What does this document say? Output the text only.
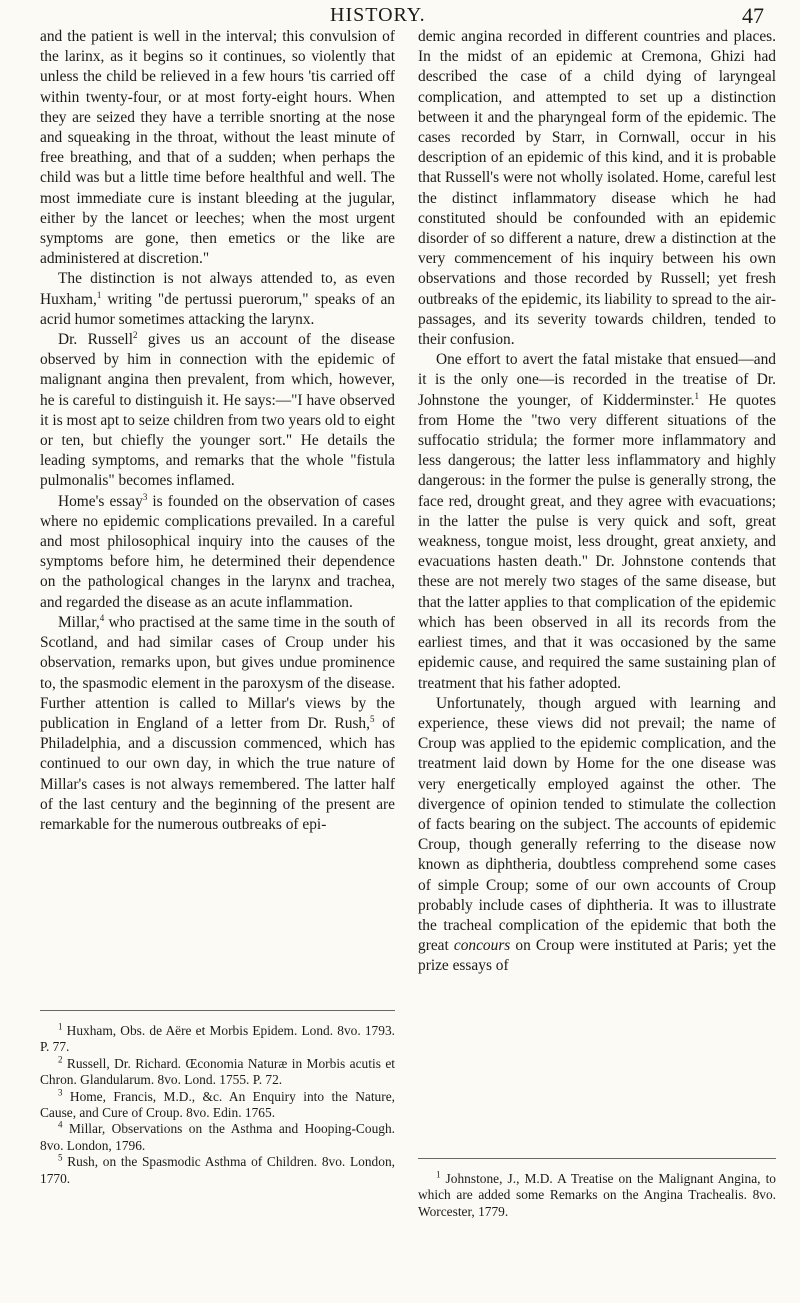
HISTORY.	47

and the patient is well in the interval; this convulsion of the larinx, as it begins so it continues, so violently that unless the child be relieved in a few hours 'tis carried off within twenty-four, or at most forty-eight hours. When they are seized they have a terrible snorting at the nose and squeaking in the throat, without the least minute of free breathing, and that of a sudden; when perhaps the child was but a little time before healthful and well. The most immediate cure is instant bleeding at the jugular, either by the lancet or leeches; when the most urgent symptoms are gone, then emetics or the like are administered at discretion."

The distinction is not always attended to, as even Huxham,$^1$ writing "de pertussi puerorum," speaks of an acrid humor sometimes attacking the larynx.

Dr. Russell$^2$ gives us an account of the disease observed by him in connection with the epidemic of malignant angina then prevalent, from which, however, he is careful to distinguish it. He says:—"I have observed it is most apt to seize children from two years old to eight or ten, but chiefly the younger sort." He details the leading symptoms, and remarks that the whole "fistula pulmonalis" becomes inflamed.

Home's essay$^3$ is founded on the observation of cases where no epidemic complications prevailed. In a careful and most philosophical inquiry into the causes of the symptoms before him, he determined their dependence on the pathological changes in the larynx and trachea, and regarded the disease as an acute inflammation.

Millar,$^4$ who practised at the same time in the south of Scotland, and had similar cases of Croup under his observation, remarks upon, but gives undue prominence to, the spasmodic element in the paroxysm of the disease. Further attention is called to Millar's views by the publication in England of a letter from Dr. Rush,$^5$ of Philadelphia, and a discussion commenced, which has continued to our own day, in which the true nature of Millar's cases is not always remembered. The latter half of the last century and the beginning of the present are remarkable for the numerous outbreaks of epi-

$^1$ Huxham, Obs. de Aëre et Morbis Epidem. Lond. 8vo. 1793. P. 77.

$^2$ Russell, Dr. Richard. Œconomia Naturæ in Morbis acutis et Chron. Glandularum. 8vo. Lond. 1755. P. 72.

$^3$ Home, Francis, M.D., &c. An Enquiry into the Nature, Cause, and Cure of Croup. 8vo. Edin. 1765.

$^4$ Millar, Observations on the Asthma and Hooping-Cough. 8vo. London, 1796.

$^5$ Rush, on the Spasmodic Asthma of Children. 8vo. London, 1770.

demic angina recorded in different countries and places. In the midst of an epidemic at Cremona, Ghizi had described the case of a child dying of laryngeal complication, and attempted to set up a distinction between it and the pharyngeal form of the epidemic. The cases recorded by Starr, in Cornwall, occur in his description of an epidemic of this kind, and it is probable that Russell's were not wholly isolated. Home, careful lest the distinct inflammatory disease which he had constituted should be confounded with an epidemic disorder of so different a nature, drew a distinction at the very commencement of his inquiry between his own observations and those recorded by Russell; yet fresh outbreaks of the epidemic, its liability to spread to the air-passages, and its severity towards children, tended to their confusion.

One effort to avert the fatal mistake that ensued—and it is the only one—is recorded in the treatise of Dr. Johnstone the younger, of Kidderminster.$^1$ He quotes from Home the "two very different situations of the suffocatio stridula; the former more inflammatory and less dangerous; the latter less inflammatory and highly dangerous: in the former the pulse is generally strong, the face red, drought great, and they agree with evacuations; in the latter the pulse is very quick and soft, great weakness, tongue moist, less drought, great anxiety, and evacuations hasten death." Dr. Johnstone contends that these are not merely two stages of the same disease, but that the latter applies to that complication of the epidemic which has been observed in all its records from the earliest times, and that it was occasioned by the same epidemic cause, and required the same sustaining plan of treatment that his father adopted.

Unfortunately, though argued with learning and experience, these views did not prevail; the name of Croup was applied to the epidemic complication, and the treatment laid down by Home for the one disease was very energetically employed against the other. The divergence of opinion tended to stimulate the collection of facts bearing on the subject. The accounts of epidemic Croup, though generally referring to the disease now known as diphtheria, doubtless comprehend some cases of simple Croup; some of our own accounts of Croup probably include cases of diphtheria. It was to illustrate the tracheal complication of the epidemic that both the great concours on Croup were instituted at Paris; yet the prize essays of

$^1$ Johnstone, J., M.D. A Treatise on the Malignant Angina, to which are added some Remarks on the Angina Trachealis. 8vo. Worcester, 1779.
